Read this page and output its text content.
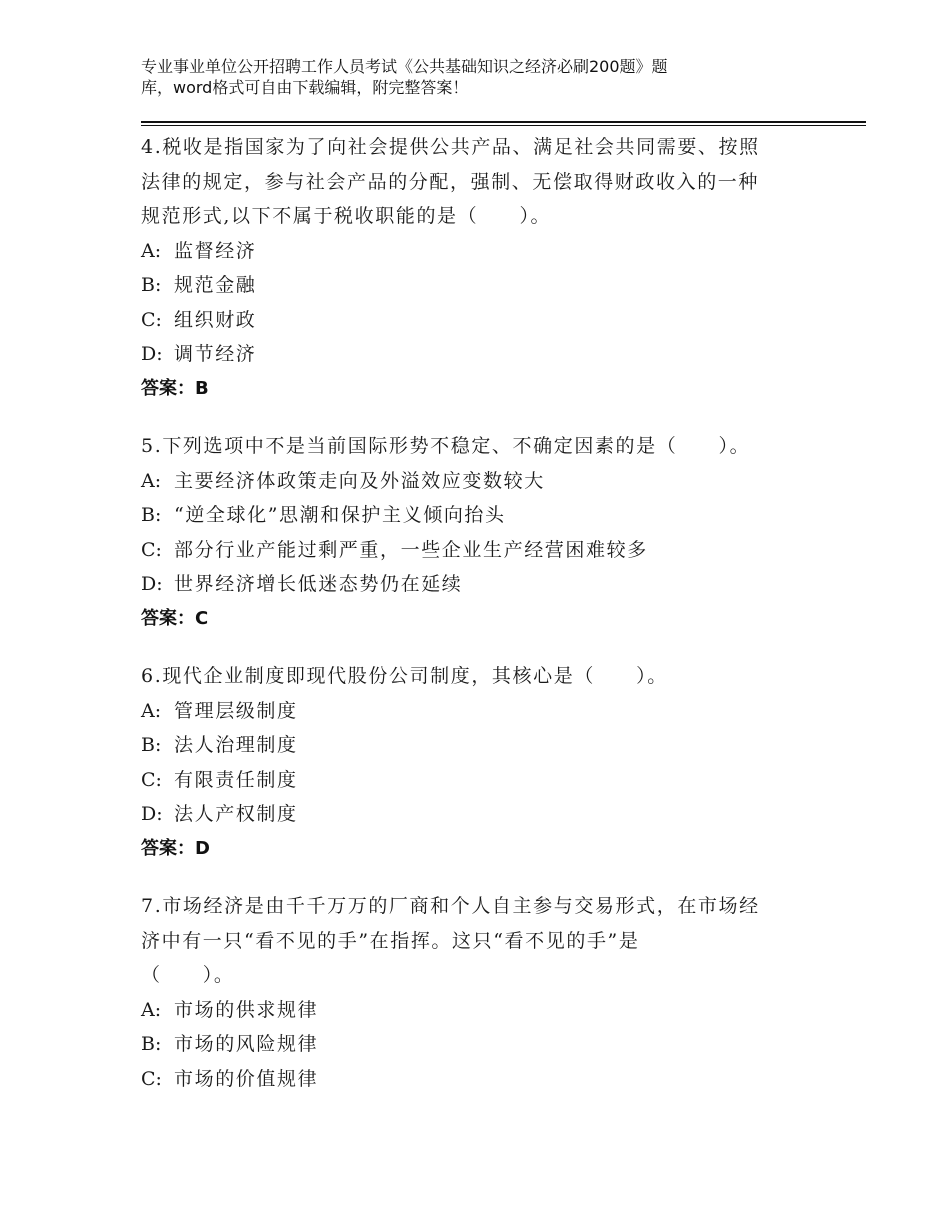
专业事业单位公开招聘工作人员考试《公共基础知识之经济必刷200题》题
库，word格式可自由下载编辑，附完整答案！
4.税收是指国家为了向社会提供公共产品、满足社会共同需要、按照
法律的规定，参与社会产品的分配，强制、无偿取得财政收入的一种
规范形式,以下不属于税收职能的是（　　）。
A: 监督经济
B: 规范金融
C: 组织财政
D: 调节经济
答案：B
5.下列选项中不是当前国际形势不稳定、不确定因素的是（　　）。
A: 主要经济体政策走向及外溢效应变数较大
B: “逆全球化”思潮和保护主义倾向抬头
C: 部分行业产能过剩严重，一些企业生产经营困难较多
D: 世界经济增长低迷态势仍在延续
答案：C
6.现代企业制度即现代股份公司制度，其核心是（　　）。
A: 管理层级制度
B: 法人治理制度
C: 有限责任制度
D: 法人产权制度
答案：D
7.市场经济是由千千万万的厂商和个人自主参与交易形式，在市场经
济中有一只“看不见的手”在指挥。这只“看不见的手”是
（　　）。
A: 市场的供求规律
B: 市场的风险规律
C: 市场的价值规律
